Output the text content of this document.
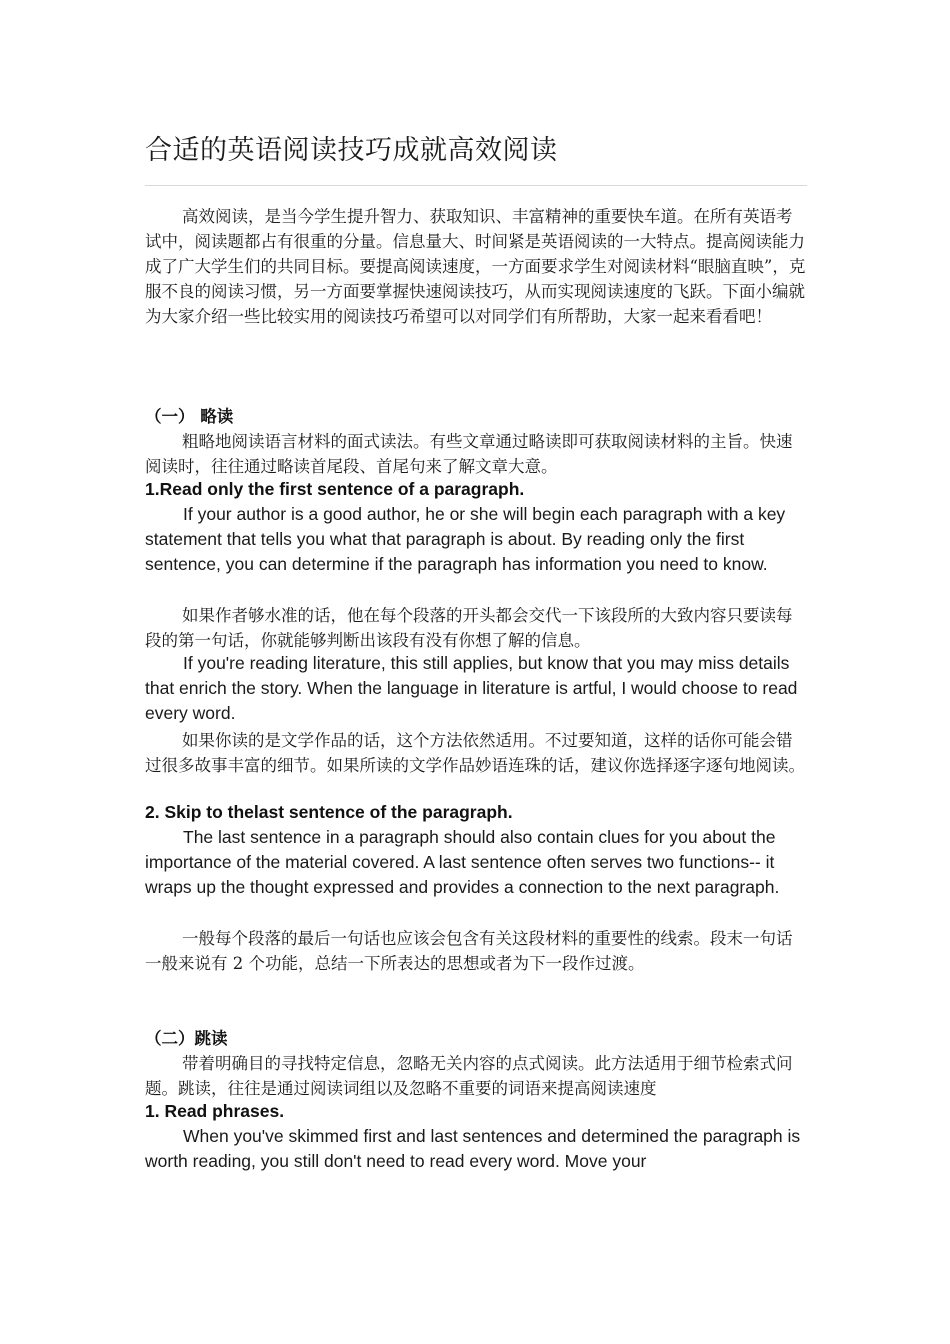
合适的英语阅读技巧成就高效阅读

高效阅读，是当今学生提升智力、获取知识、丰富精神的重要快车道。在所有英语考试中，阅读题都占有很重的分量。信息量大、时间紧是英语阅读的一大特点。提高阅读能力成了广大学生们的共同目标。要提高阅读速度，一方面要求学生对阅读材料“眼脑直映”，克服不良的阅读习惯，另一方面要掌握快速阅读技巧，从而实现阅读速度的飞跃。下面小编就为大家介绍一些比较实用的阅读技巧希望可以对同学们有所帮助，大家一起来看看吧！

（一） 略读

粗略地阅读语言材料的面式读法。有些文章通过略读即可获取阅读材料的主旨。快速阅读时，往往通过略读首尾段、首尾句来了解文章大意。

1.Read only the first sentence of a paragraph.

If your author is a good author, he or she will begin each paragraph with a key statement that tells you what that paragraph is about. By reading only the first sentence, you can determine if the paragraph has information you need to know.

如果作者够水准的话，他在每个段落的开头都会交代一下该段所的大致内容只要读每段的第一句话，你就能够判断出该段有没有你想了解的信息。

If you're reading literature, this still applies, but know that you may miss details that enrich the story. When the language in literature is artful, I would choose to read every word.

如果你读的是文学作品的话，这个方法依然适用。不过要知道，这样的话你可能会错过很多故事丰富的细节。如果所读的文学作品妙语连珠的话，建议你选择逐字逐句地阅读。

2. Skip to thelast sentence of the paragraph.

The last sentence in a paragraph should also contain clues for you about the importance of the material covered. A last sentence often serves two functions-- it wraps up the thought expressed and provides a connection to the next paragraph.

一般每个段落的最后一句话也应该会包含有关这段材料的重要性的线索。段末一句话一般来说有 2 个功能，总结一下所表达的思想或者为下一段作过渡。

（二）跳读

带着明确目的寻找特定信息，忽略无关内容的点式阅读。此方法适用于细节检索式问题。跳读，往往是通过阅读词组以及忽略不重要的词语来提高阅读速度

1. Read phrases.

When you've skimmed first and last sentences and determined the paragraph is worth reading, you still don't need to read every word. Move your
